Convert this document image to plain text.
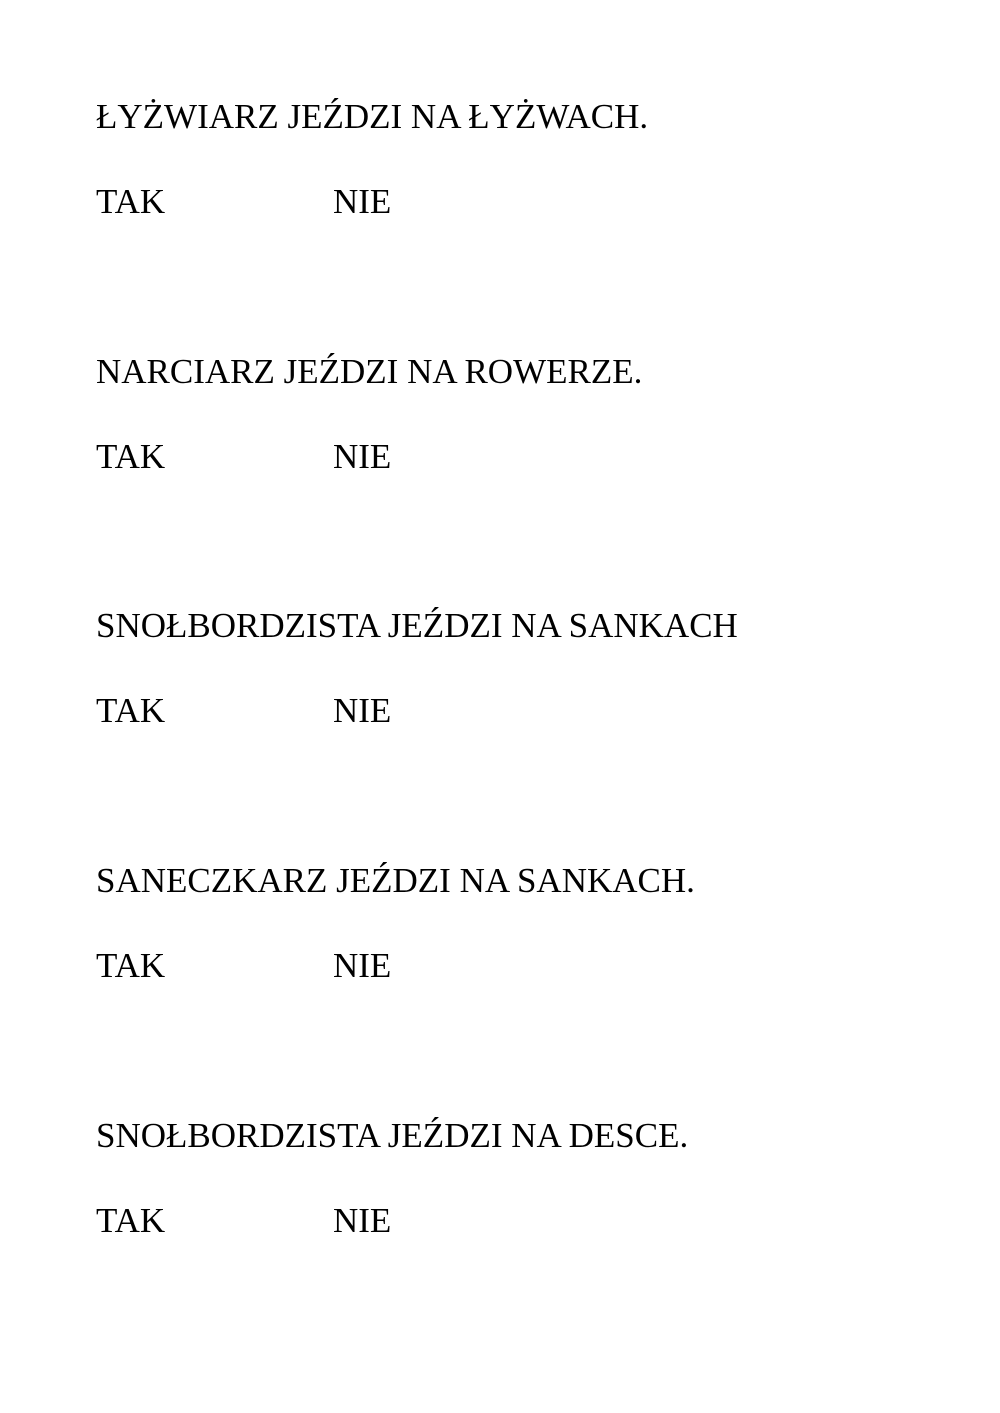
ŁYŻWIARZ JEŹDZI NA ŁYŻWACH.

TAK	NIE

NARCIARZ JEŹDZI NA ROWERZE.

TAK	NIE

SNOŁBORDZISTA JEŹDZI NA SANKACH

TAK	NIE

SANECZKARZ JEŹDZI NA SANKACH.

TAK	NIE

SNOŁBORDZISTA JEŹDZI NA DESCE.

TAK	NIE
